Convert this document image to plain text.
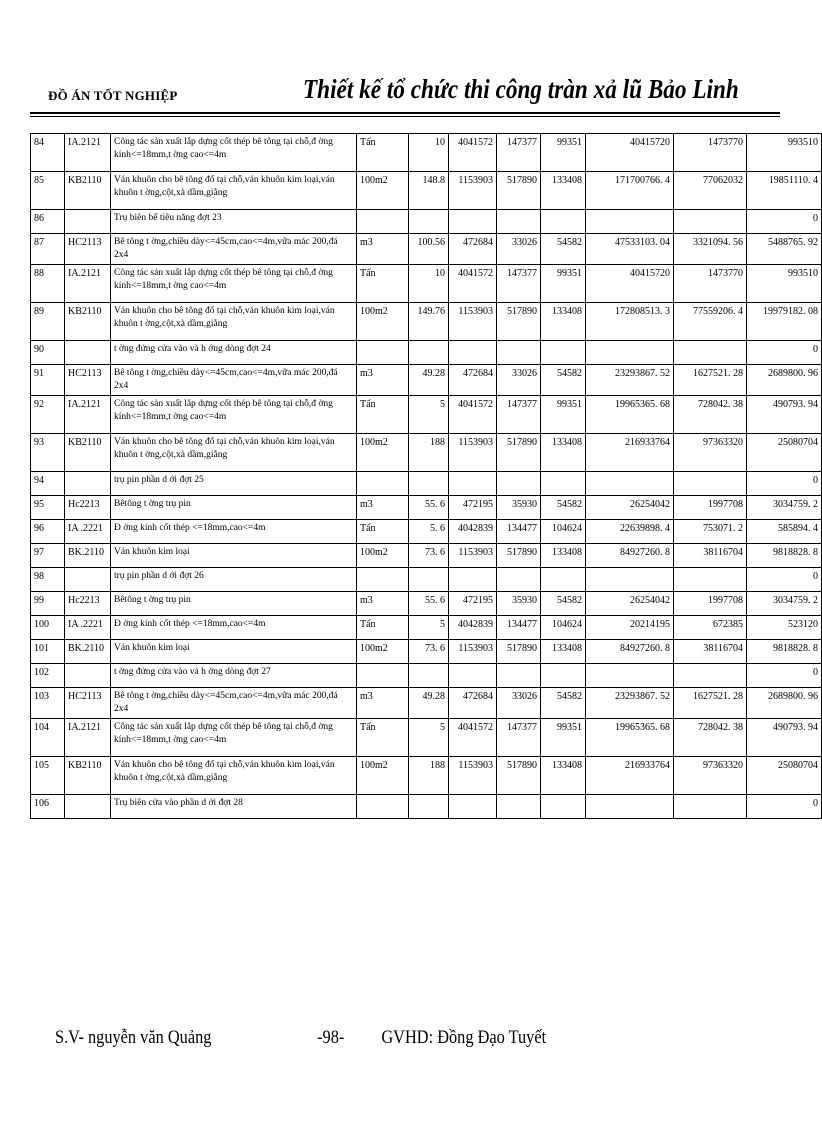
ĐỒ ÁN TỐT NGHIỆP	Thiết kế tổ chức thi công tràn xả lũ Bảo Linh
84	IA.2121	Công tác sản xuất lắp dựng cốt thép bê tông tại chỗ,đ ờng kính<=18mm,t ờng cao<=4m	Tấn	10	4041572	147377	99351	40415720	1473770	993510
85	KB2110	Ván khuôn cho bê tông đổ tại chỗ,ván khuôn kim loại,ván khuôn t ờng,cột,xà dầm,giằng	100m2	148.8	1153903	517890	133408	171700766. 4	77062032	19851110. 4
86		Trụ biên bể tiêu năng đợt 23								0
87	HC2113	Bê tông t ờng,chiều dày<=45cm,cao<=4m,vữa mác 200,đá 2x4	m3	100.56	472684	33026	54582	47533103. 04	3321094. 56	5488765. 92
88	IA.2121	Công tác sản xuất lắp dựng cốt thép bê tông tại chỗ,đ ờng kính<=18mm,t ờng cao<=4m	Tấn	10	4041572	147377	99351	40415720	1473770	993510
89	KB2110	Ván khuôn cho bê tông đổ tại chỗ,ván khuôn kim loại,ván khuôn t ờng,cột,xà dầm,giằng	100m2	149.76	1153903	517890	133408	172808513. 3	77559206. 4	19979182. 08
90		t ờng đứng cửa vào và h ớng dòng đợt 24								0
91	HC2113	Bê tông t ờng,chiều dày<=45cm,cao<=4m,vữa mác 200,đá 2x4	m3	49.28	472684	33026	54582	23293867. 52	1627521. 28	2689800. 96
92	IA.2121	Công tác sản xuất lắp dựng cốt thép bê tông tại chỗ,đ ờng kính<=18mm,t ờng cao<=4m	Tấn	5	4041572	147377	99351	19965365. 68	728042. 38	490793. 94
93	KB2110	Ván khuôn cho bê tông đổ tại chỗ,ván khuôn kim loại,ván khuôn t ờng,cột,xà dầm,giằng	100m2	188	1153903	517890	133408	216933764	97363320	25080704
94		trụ pin phần d ới đợt 25								0
95	Hc2213	Bêtông t ờng trụ pin	m3	55. 6	472195	35930	54582	26254042	1997708	3034759. 2
96	IA .2221	Đ ờng kính cốt thép <=18mm,cao<=4m	Tấn	5. 6	4042839	134477	104624	22639898. 4	753071. 2	585894. 4
97	BK.2110	Ván khuôn kim loại	100m2	73. 6	1153903	517890	133408	84927260. 8	38116704	9818828. 8
98		trụ pin phần d ới đợt 26								0
99	Hc2213	Bêtông t ờng trụ pin	m3	55. 6	472195	35930	54582	26254042	1997708	3034759. 2
100	IA .2221	Đ ờng kính cốt thép <=18mm,cao<=4m	Tấn	5	4042839	134477	104624	20214195	672385	523120
101	BK.2110	Ván khuôn kim loại	100m2	73. 6	1153903	517890	133408	84927260. 8	38116704	9818828. 8
102		t ờng đứng cửa vào và h ớng dòng đợt 27								0
103	HC2113	Bê tông t ờng,chiều dày<=45cm,cao<=4m,vữa mác 200,đá 2x4	m3	49.28	472684	33026	54582	23293867. 52	1627521. 28	2689800. 96
104	IA.2121	Công tác sản xuất lắp dựng cốt thép bê tông tại chỗ,đ ờng kính<=18mm,t ờng cao<=4m	Tấn	5	4041572	147377	99351	19965365. 68	728042. 38	490793. 94
105	KB2110	Ván khuôn cho bê tông đổ tại chỗ,ván khuôn kim loại,ván khuôn t ờng,cột,xà dầm,giằng	100m2	188	1153903	517890	133408	216933764	97363320	25080704
106		Trụ biên cửa vào phần d ới đợt 28								0
S.V- nguyễn văn Quảng	-98- GVHD: Đồng Đạo Tuyết
